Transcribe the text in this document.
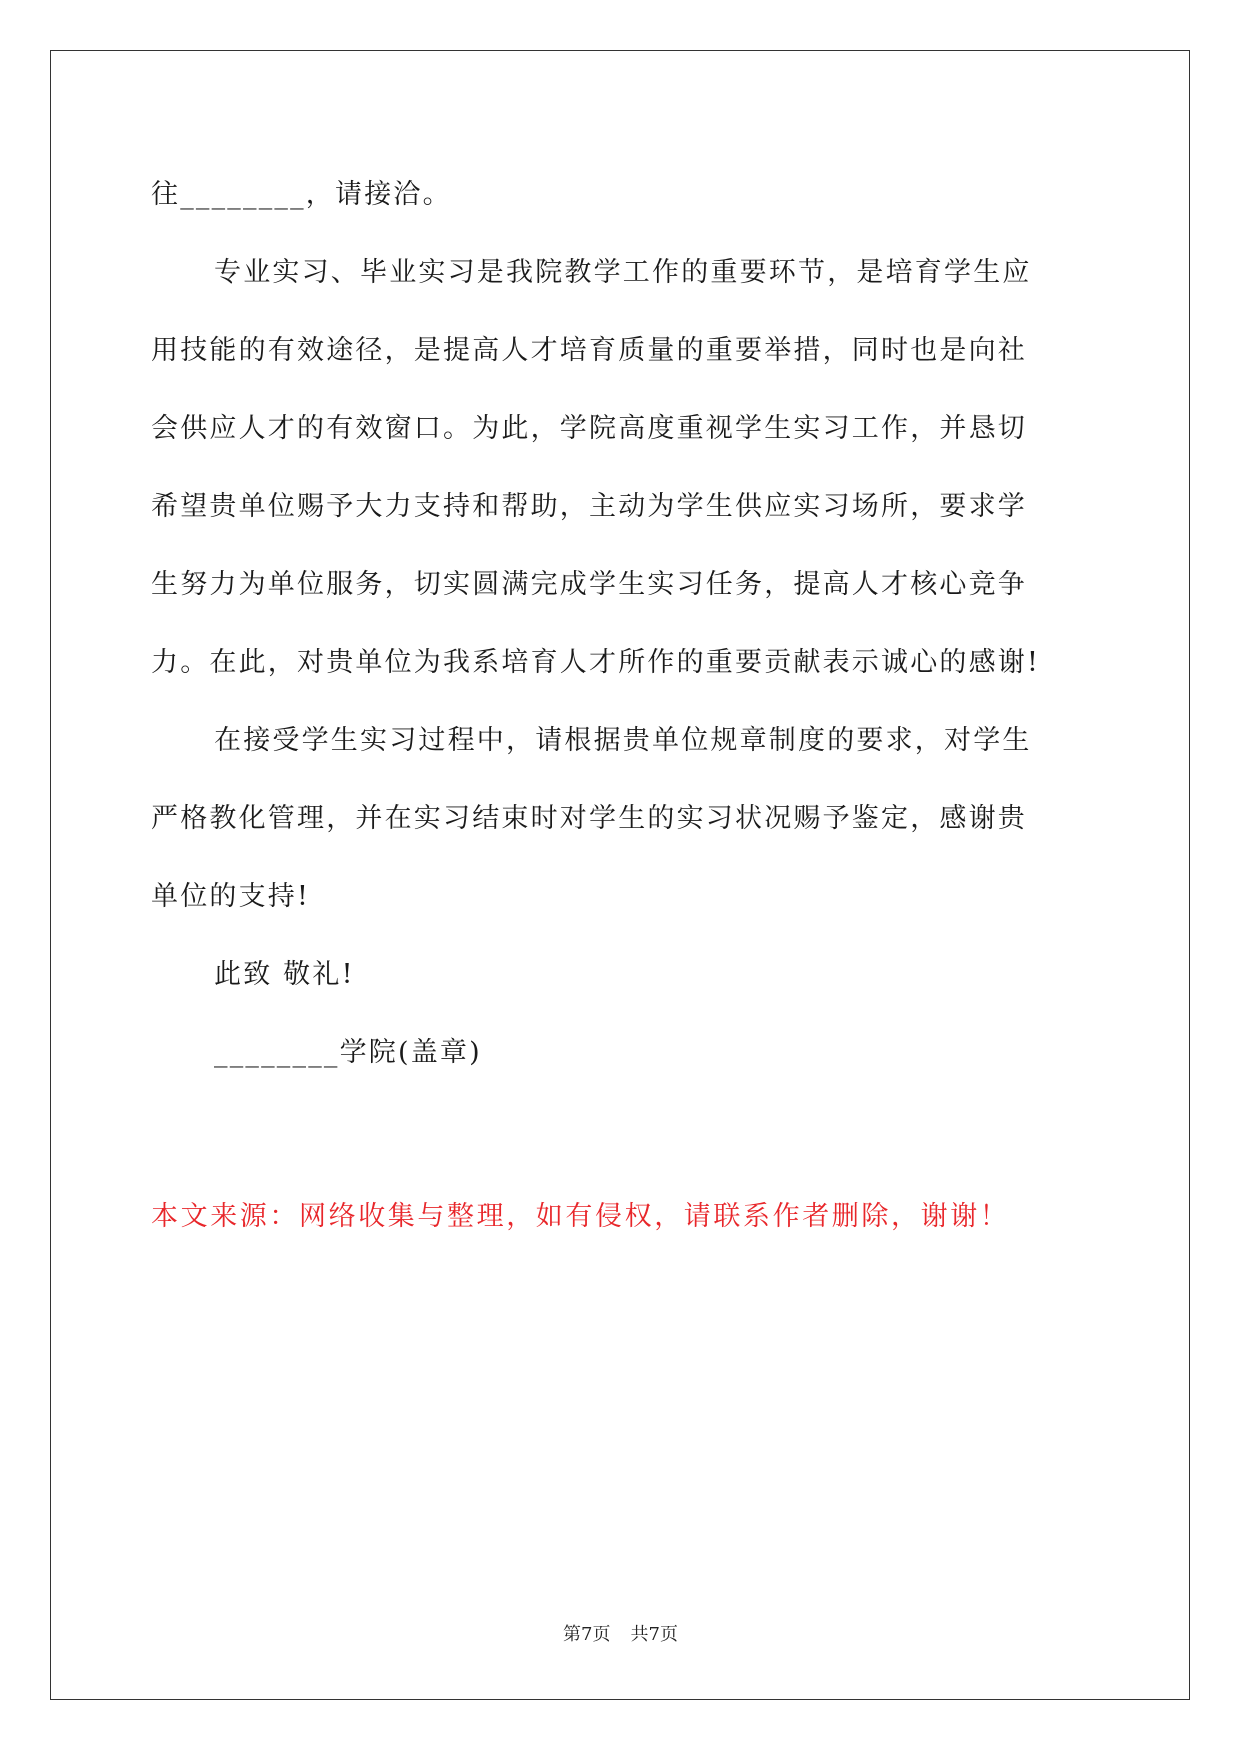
往________，请接洽。
专业实习、毕业实习是我院教学工作的重要环节，是培育学生应
用技能的有效途径，是提高人才培育质量的重要举措，同时也是向社
会供应人才的有效窗口。为此，学院高度重视学生实习工作，并恳切
希望贵单位赐予大力支持和帮助，主动为学生供应实习场所，要求学
生努力为单位服务，切实圆满完成学生实习任务，提高人才核心竞争
力。在此，对贵单位为我系培育人才所作的重要贡献表示诚心的感谢!
在接受学生实习过程中，请根据贵单位规章制度的要求，对学生
严格教化管理，并在实习结束时对学生的实习状况赐予鉴定，感谢贵
单位的支持!
此致 敬礼!
________学院(盖章)
本文来源：网络收集与整理，如有侵权，请联系作者删除，谢谢！
第7页 共7页
